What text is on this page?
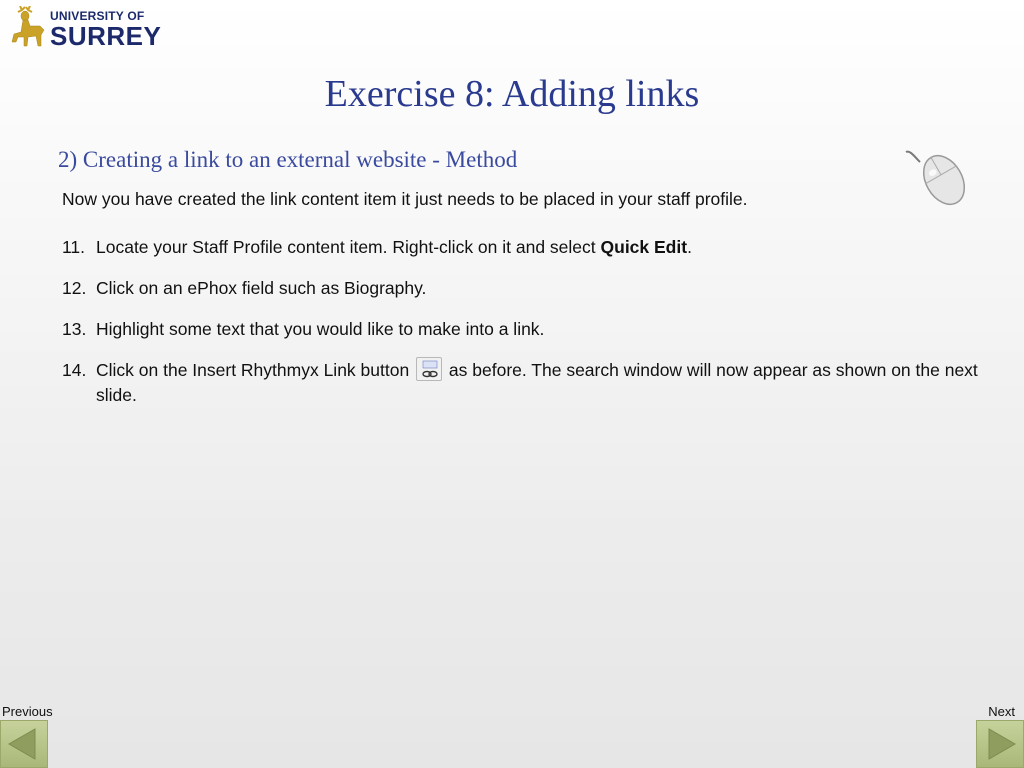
UNIVERSITY OF
SURREY
Exercise 8: Adding links
2) Creating a link to an external website - Method
Now you have created the link content item it just needs to be placed in your staff profile.
11. Locate your Staff Profile content item. Right-click on it and select Quick Edit.
12. Click on an ePhox field such as Biography.
13. Highlight some text that you would like to make into a link.
14. Click on the Insert Rhythmyx Link button
as before. The search window will now appear as shown on the next slide.
Previous	Next
